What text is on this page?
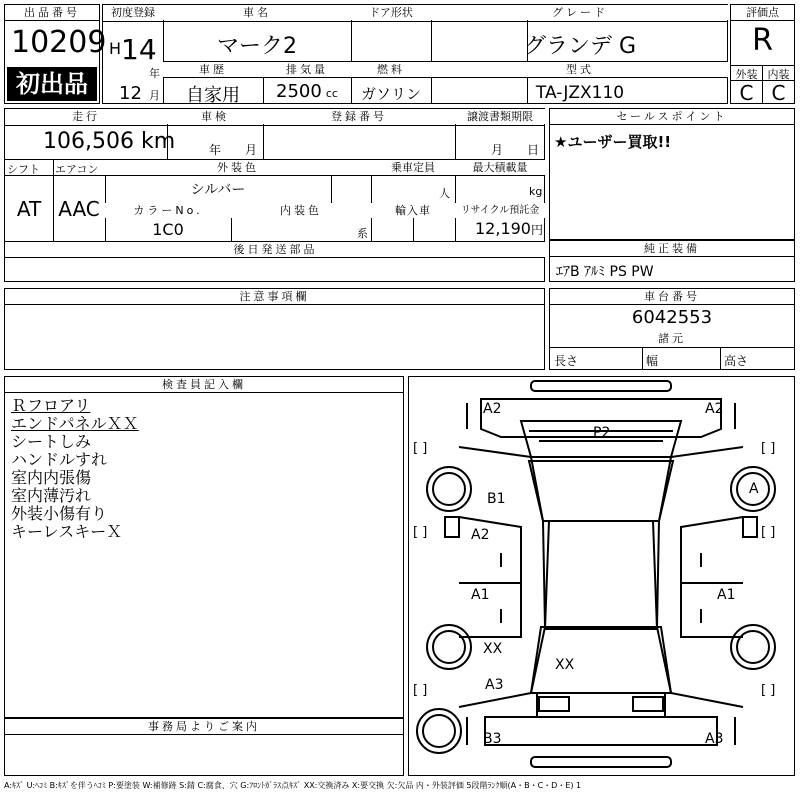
出品番号
10209
初出品
初度登録
H 14
年
12 月
車名
マーク2
ドア形状	グレード
グランデ G
車歴
自家用
排気量
2500 cc
燃料
ガソリン
型式
TA-JZX110
評価点
R
外装 内装
C C
走行
106,506 km
車検
年 月
登録番号	譲渡書類期限
月 日
シフト
AT
エアコン
AAC
外装色
シルバー
乗車定員
人
最大積載量
kg
カラーNo.
1C0
内装色
系
輸入車	リサイクル預託金
12,190円
後日発送部品
セールスポイント
★ユーザー買取!!
純正装備
ｴｱB ｱﾙﾐ PS PW
注意事項欄	車台番号
6042553
諸元
長さ	幅	高さ
検査員記入欄
Ｒフロアリ
エンドパネルＸＸ
シートしみ
ハンドルすれ
室内内張傷
室内薄汚れ
外装小傷有り
キーレスキーＸ
事務局よりご案内
A2	A2
P2
B1
A
A2
A1	A1
XX
XX
A3
B3	A3
[ ]	[ ]
[ ]	[ ]
[ ]	[ ]
A:ｷｽﾞ U:ﾍｺﾐ B:ｷｽﾞを伴うﾍｺﾐ P:要塗装 W:補修跡 S:錆 C:腐食、穴 G:ﾌﾛﾝﾄｶﾞﾗｽ点ｷｽﾞ XX:交換済み X:要交換 欠:欠品 内・外装評価 5段階ﾗﾝｸ順(A・B・C・D・E) 1
